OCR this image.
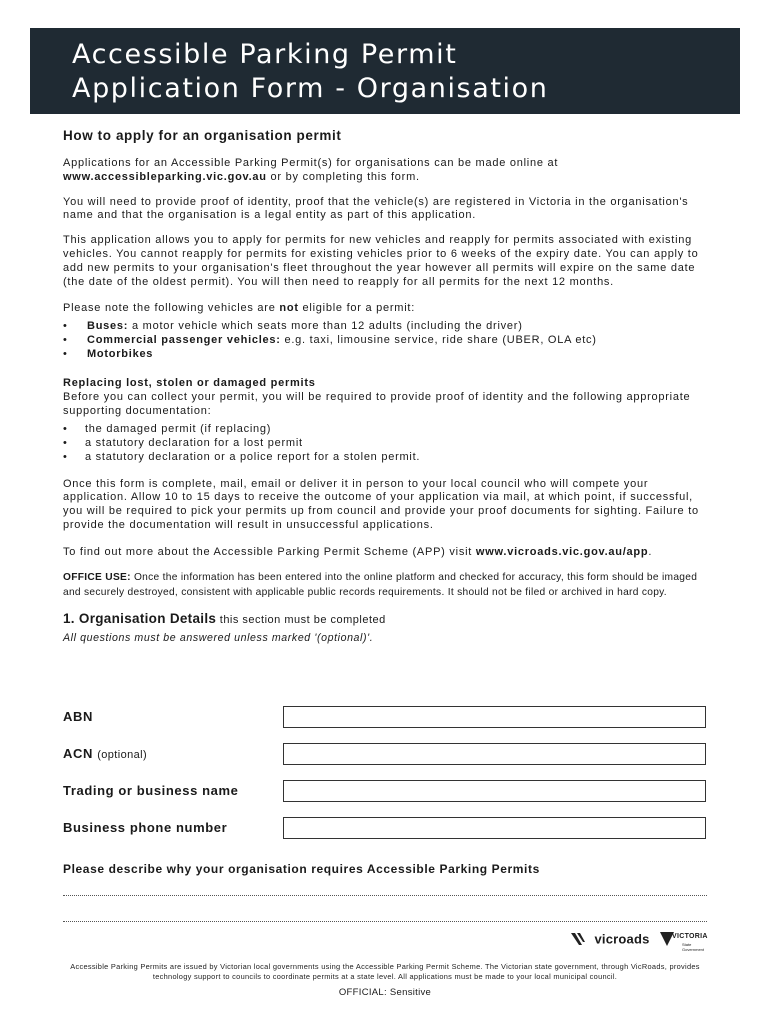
Accessible Parking Permit
Application Form - Organisation
How to apply for an organisation permit

Applications for an Accessible Parking Permit(s) for organisations can be made online at
www.accessibleparking.vic.gov.au or by completing this form.

You will need to provide proof of identity, proof that the vehicle(s) are registered in Victoria in the organisation's name and that the organisation is a legal entity as part of this application.

This application allows you to apply for permits for new vehicles and reapply for permits associated with existing vehicles. You cannot reapply for permits for existing vehicles prior to 6 weeks of the expiry date. You can apply to add new permits to your organisation's fleet throughout the year however all permits will expire on the same date (the date of the oldest permit). You will then need to reapply for all permits for the next 12 months.

Please note the following vehicles are not eligible for a permit:

• Buses: a motor vehicle which seats more than 12 adults (including the driver)
• Commercial passenger vehicles: e.g. taxi, limousine service, ride share (UBER, OLA etc)
• Motorbikes

Replacing lost, stolen or damaged permits
Before you can collect your permit, you will be required to provide proof of identity and the following appropriate supporting documentation:

• the damaged permit (if replacing)
• a statutory declaration for a lost permit
• a statutory declaration or a police report for a stolen permit.

Once this form is complete, mail, email or deliver it in person to your local council who will compete your application. Allow 10 to 15 days to receive the outcome of your application via mail, at which point, if successful, you will be required to pick your permits up from council and provide your proof documents for sighting. Failure to provide the documentation will result in unsuccessful applications.

To find out more about the Accessible Parking Permit Scheme (APP) visit www.vicroads.vic.gov.au/app.

OFFICE USE: Once the information has been entered into the online platform and checked for accuracy, this form should be imaged and securely destroyed, consistent with applicable public records requirements. It should not be filed or archived in hard copy.

1. Organisation Details this section must be completed
All questions must be answered unless marked '(optional)'.
ABN
ACN (optional)
Trading or business name
Business phone number
Please describe why your organisation requires Accessible Parking Permits
vicroads	VICTORIA
State
Government
Accessible Parking Permits are issued by Victorian local governments using the Accessible Parking Permit Scheme. The Victorian state government, through VicRoads, provides technology support to councils to coordinate permits at a state level. All applications must be made to your local municipal council.
OFFICIAL: Sensitive
